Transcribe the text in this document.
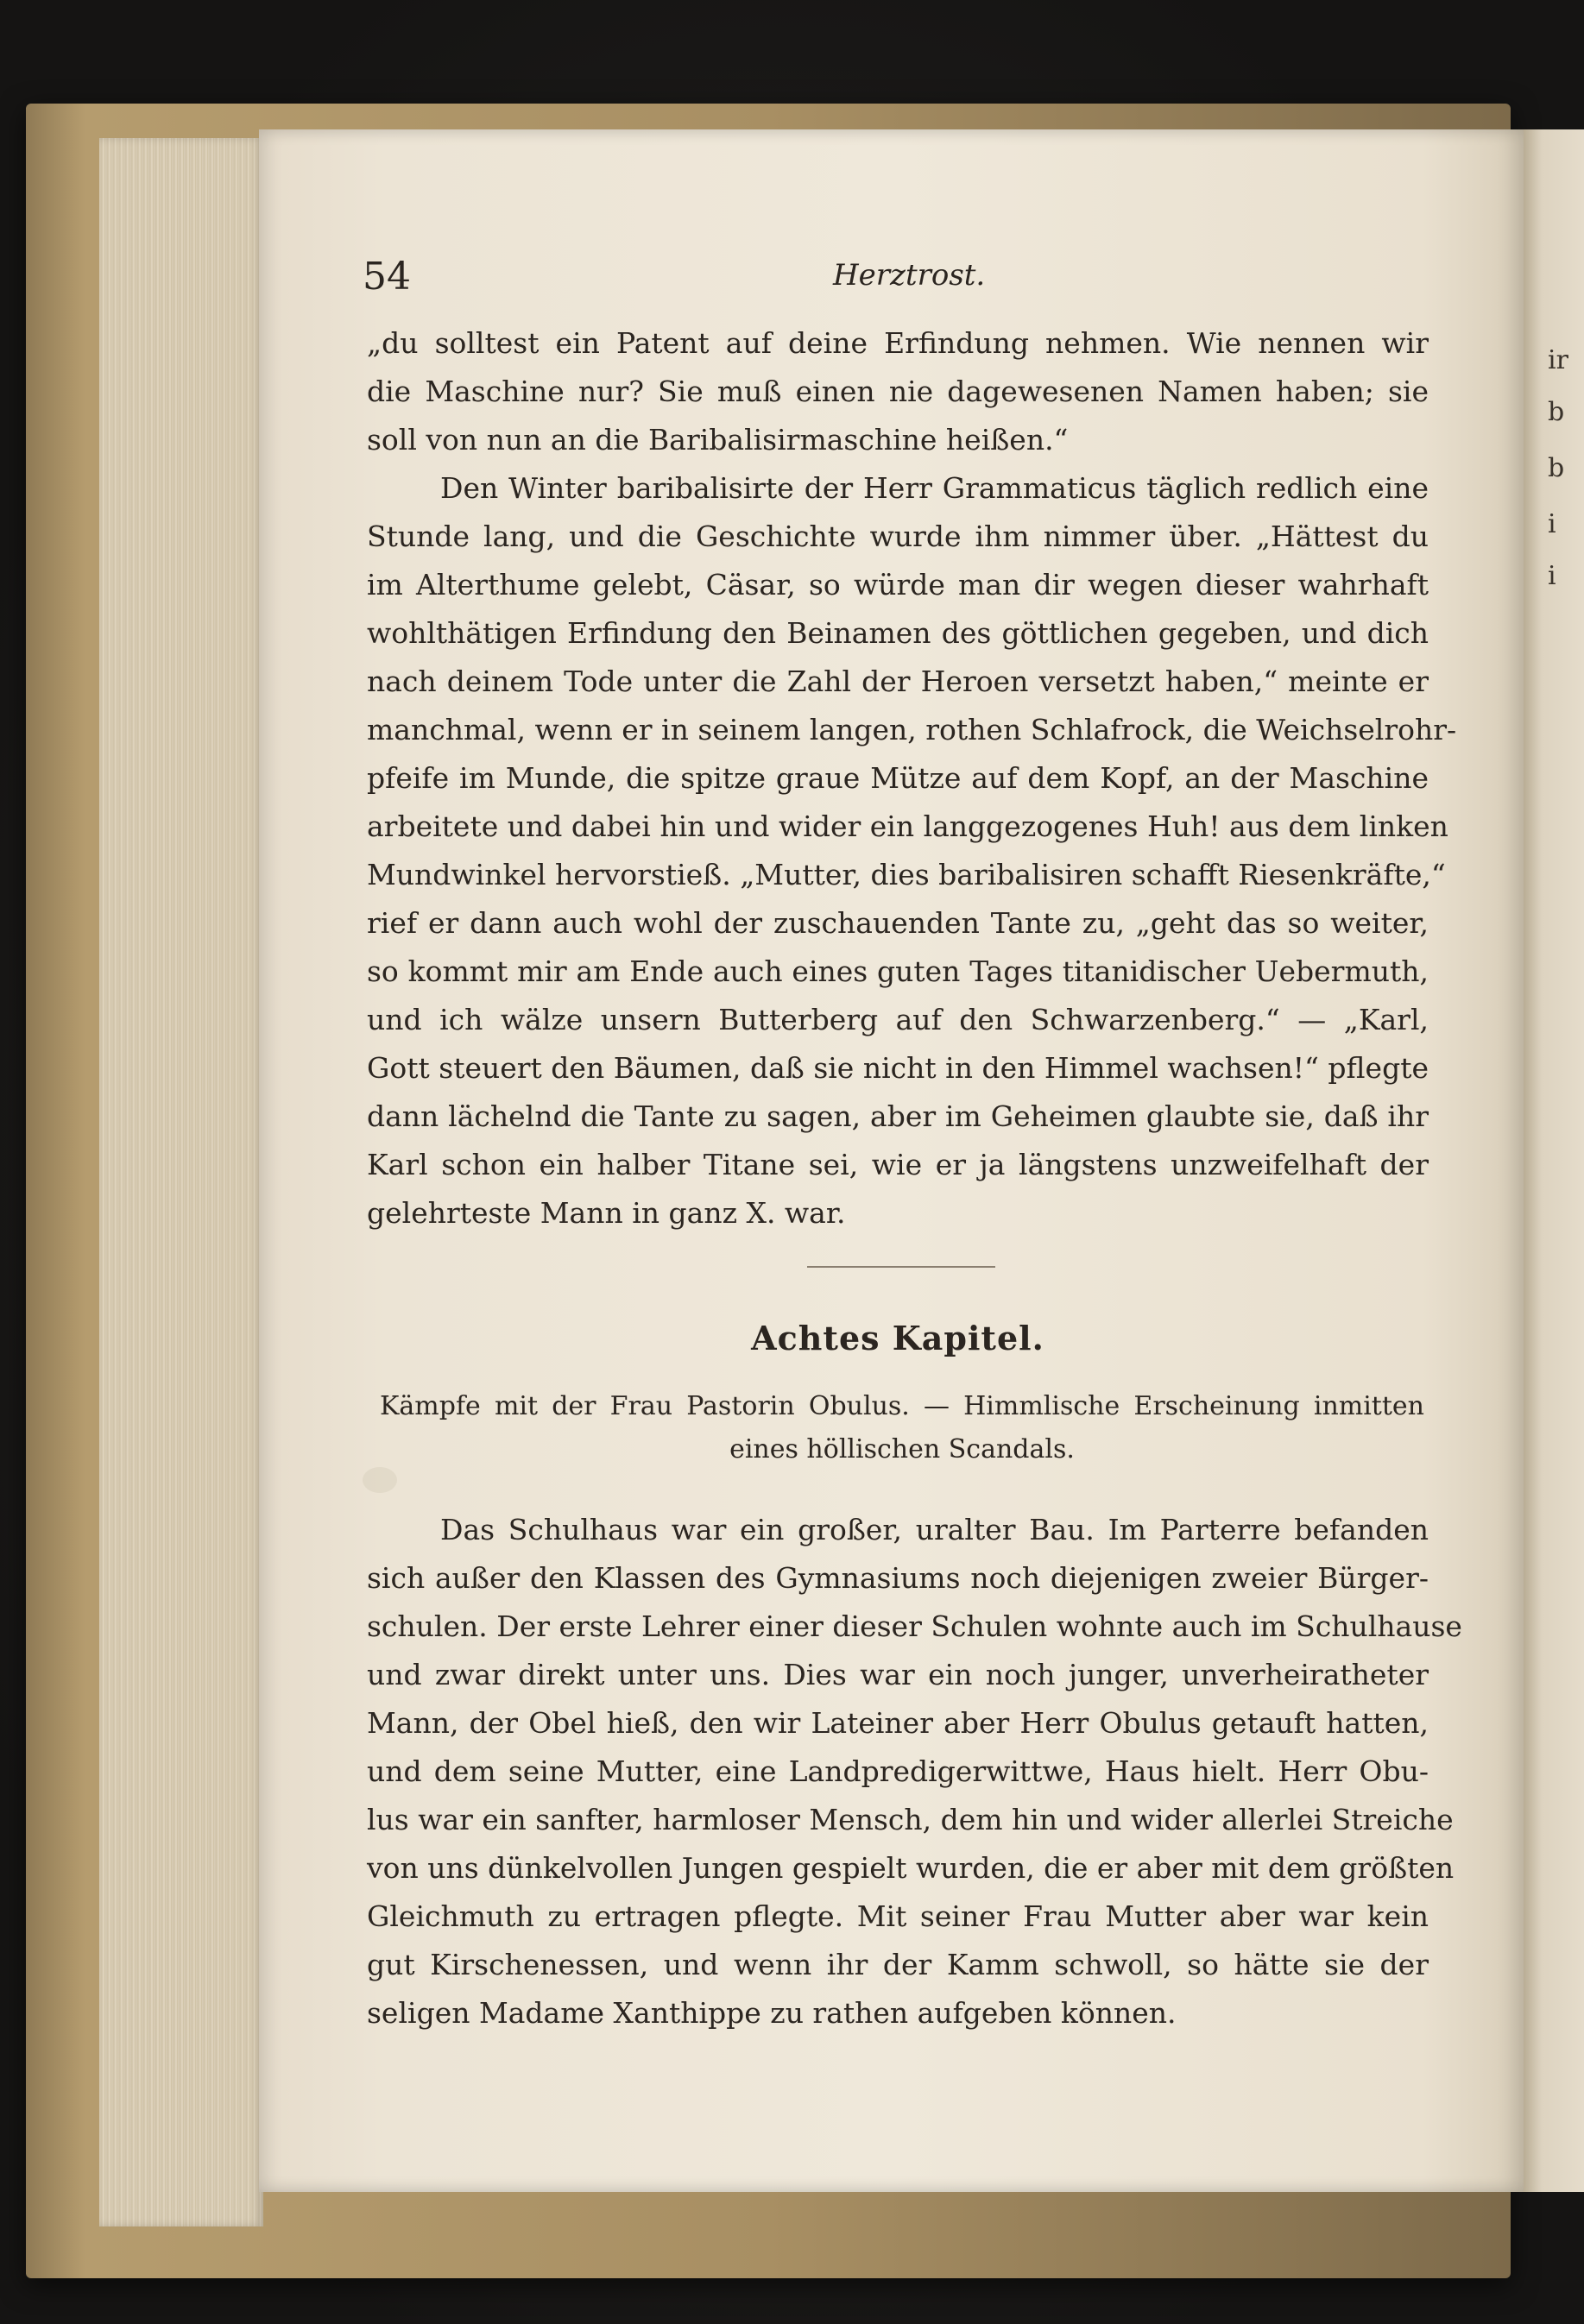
ir
b
b
i
i
54	Herztrost.
„du solltest ein Patent auf deine Erfindung nehmen. Wie nennen wir
die Maschine nur? Sie muß einen nie dagewesenen Namen haben; sie
soll von nun an die Baribalisirmaschine heißen.“
Den Winter baribalisirte der Herr Grammaticus täglich redlich eine
Stunde lang, und die Geschichte wurde ihm nimmer über. „Hättest du
im Alterthume gelebt, Cäsar, so würde man dir wegen dieser wahrhaft
wohlthätigen Erfindung den Beinamen des göttlichen gegeben, und dich
nach deinem Tode unter die Zahl der Heroen versetzt haben,“ meinte er
manchmal, wenn er in seinem langen, rothen Schlafrock, die Weichselrohr-
pfeife im Munde, die spitze graue Mütze auf dem Kopf, an der Maschine
arbeitete und dabei hin und wider ein langgezogenes Huh! aus dem linken
Mundwinkel hervorstieß. „Mutter, dies baribalisiren schafft Riesenkräfte,“
rief er dann auch wohl der zuschauenden Tante zu, „geht das so weiter,
so kommt mir am Ende auch eines guten Tages titanidischer Uebermuth,
und ich wälze unsern Butterberg auf den Schwarzenberg.“ — „Karl,
Gott steuert den Bäumen, daß sie nicht in den Himmel wachsen!“ pflegte
dann lächelnd die Tante zu sagen, aber im Geheimen glaubte sie, daß ihr
Karl schon ein halber Titane sei, wie er ja längstens unzweifelhaft der
gelehrteste Mann in ganz X. war.
Achtes Kapitel.
Kämpfe mit der Frau Pastorin Obulus. — Himmlische Erscheinung inmitten
eines höllischen Scandals.
Das Schulhaus war ein großer, uralter Bau. Im Parterre befanden
sich außer den Klassen des Gymnasiums noch diejenigen zweier Bürger-
schulen. Der erste Lehrer einer dieser Schulen wohnte auch im Schulhause
und zwar direkt unter uns. Dies war ein noch junger, unverheiratheter
Mann, der Obel hieß, den wir Lateiner aber Herr Obulus getauft hatten,
und dem seine Mutter, eine Landpredigerwittwe, Haus hielt. Herr Obu-
lus war ein sanfter, harmloser Mensch, dem hin und wider allerlei Streiche
von uns dünkelvollen Jungen gespielt wurden, die er aber mit dem größten
Gleichmuth zu ertragen pflegte. Mit seiner Frau Mutter aber war kein
gut Kirschenessen, und wenn ihr der Kamm schwoll, so hätte sie der
seligen Madame Xanthippe zu rathen aufgeben können.
